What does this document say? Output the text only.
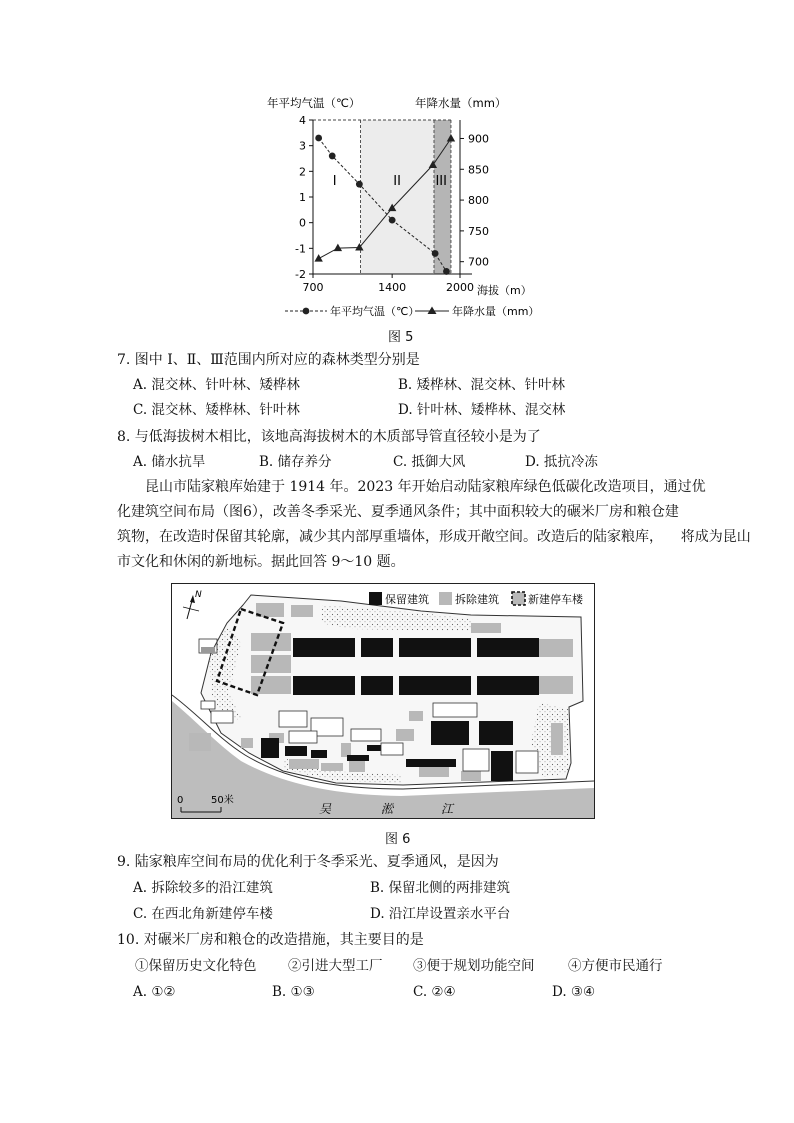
年平均气温（℃）	年降水量（mm）
4
3
2
1
0
-1
-2
900
850
800
750
700
700	1400	2000
I	II	III
海拔（m）
年平均气温（℃）	年降水量（mm）
图 5
7. 图中 Ⅰ、Ⅱ、Ⅲ范围内所对应的森林类型分别是
A. 混交林、针叶林、矮桦林	B. 矮桦林、混交林、针叶林
C. 混交林、矮桦林、针叶林	D. 针叶林、矮桦林、混交林
8. 与低海拔树木相比，该地高海拔树木的木质部导管直径较小是为了
A. 储水抗旱	B. 储存养分	C. 抵御大风	D. 抵抗冷冻
昆山市陆家粮库始建于 1914 年。2023 年开始启动陆家粮库绿色低碳化改造项目，通过优
化建筑空间布局（图6），改善冬季采光、夏季通风条件；其中面积较大的碾米厂房和粮仓建
筑物，在改造时保留其轮廓，减少其内部厚重墙体，形成开敞空间。改造后的陆家粮库，    将成为昆山
市文化和休闲的新地标。据此回答 9～10 题。
N	保留建筑 拆除建筑	新建停车楼
0	50米
吴	淞	江
图 6
9. 陆家粮库空间布局的优化利于冬季采光、夏季通风，是因为
A. 拆除较多的沿江建筑	B. 保留北侧的两排建筑
C. 在西北角新建停车楼	D. 沿江岸设置亲水平台
10. 对碾米厂房和粮仓的改造措施，其主要目的是
①保留历史文化特色 ②引进大型工厂 ③便于规划功能空间 ④方便市民通行
A. ①②	B. ①③	C. ②④	D. ③④
